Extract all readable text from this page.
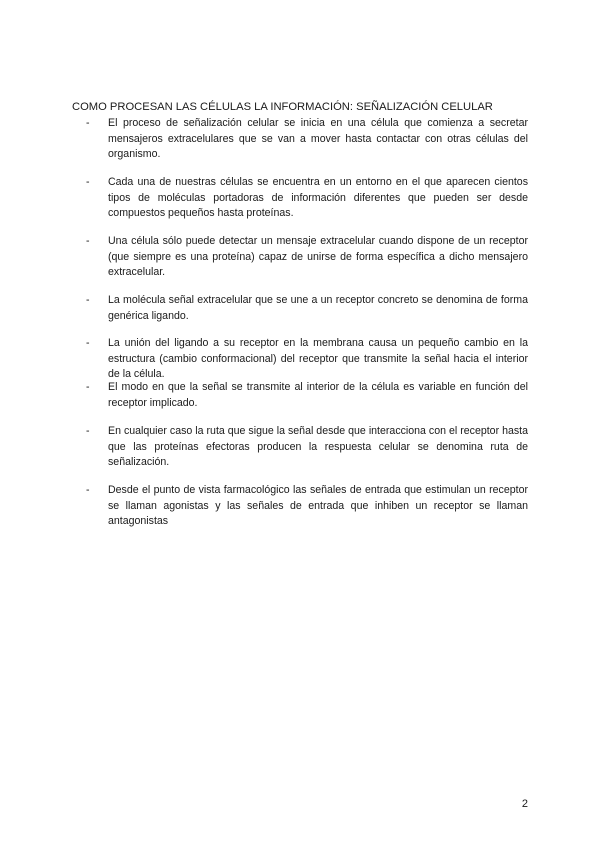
COMO PROCESAN LAS CÉLULAS LA INFORMACIÓN: SEÑALIZACIÓN CELULAR
-	El proceso de señalización celular se inicia en una célula que comienza a secretar mensajeros extracelulares que se van a mover hasta contactar con otras células del organismo.
-	Cada una de nuestras células se encuentra en un entorno en el que aparecen cientos tipos de moléculas portadoras de información diferentes que pueden ser desde compuestos pequeños hasta proteínas.
-	Una célula sólo puede detectar un mensaje extracelular cuando dispone de un receptor (que siempre es una proteína) capaz de unirse de forma específica a dicho mensajero extracelular.
-	La molécula señal extracelular que se une a un receptor concreto se denomina de forma genérica ligando.
-	La unión del ligando a su receptor en la membrana causa un pequeño cambio en la estructura (cambio conformacional) del receptor que transmite la señal hacia el interior de la célula.
-	El modo en que la señal se transmite al interior de la célula es variable en función del receptor implicado.
-	En cualquier caso la ruta que sigue la señal desde que interacciona con el receptor hasta que las proteínas efectoras producen la respuesta celular se denomina ruta de señalización.
-	Desde el punto de vista farmacológico las señales de entrada que estimulan un receptor se llaman agonistas y las señales de entrada que inhiben un receptor se llaman antagonistas
2
